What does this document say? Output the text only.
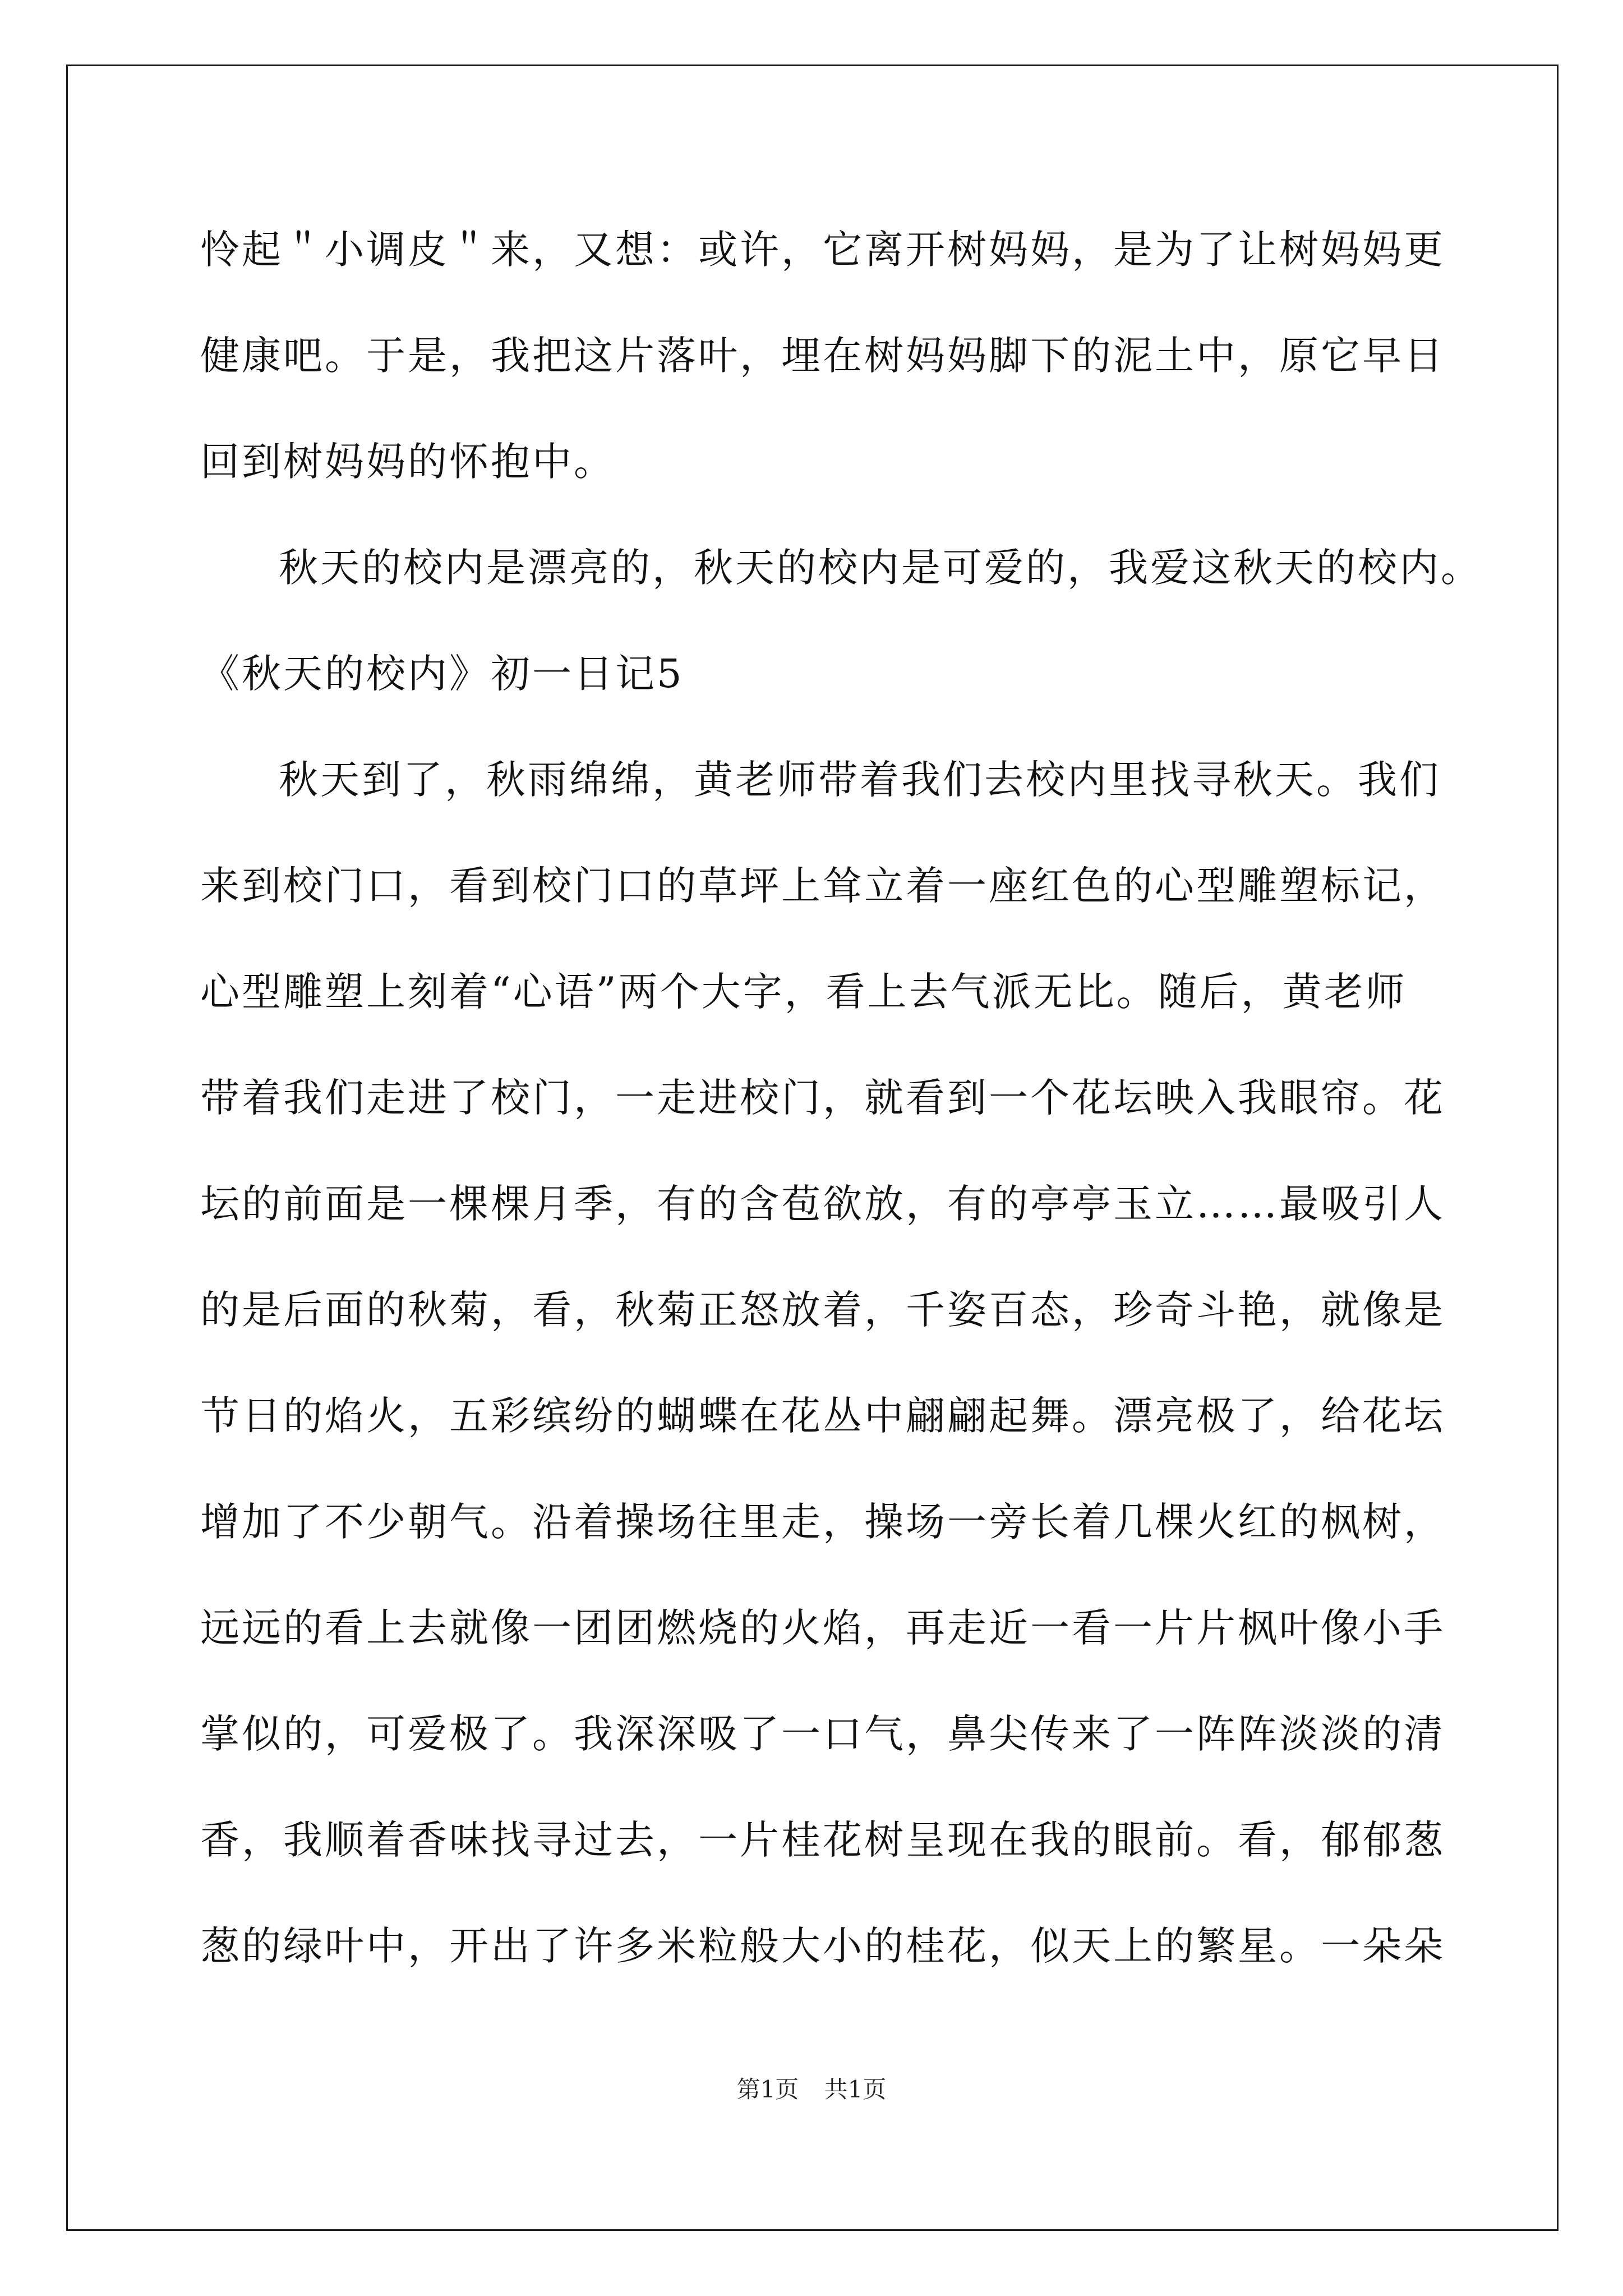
怜起＂小调皮＂来，又想：或许，它离开树妈妈，是为了让树妈妈更
健康吧。于是，我把这片落叶，埋在树妈妈脚下的泥土中，原它早日
回到树妈妈的怀抱中。
秋天的校内是漂亮的，秋天的校内是可爱的，我爱这秋天的校内。
《秋天的校内》初一日记5
秋天到了，秋雨绵绵，黄老师带着我们去校内里找寻秋天。我们
来到校门口，看到校门口的草坪上耸立着一座红色的心型雕塑标记，
心型雕塑上刻着“心语”两个大字，看上去气派无比。随后，黄老师
带着我们走进了校门，一走进校门，就看到一个花坛映入我眼帘。花
坛的前面是一棵棵月季，有的含苞欲放，有的亭亭玉立……最吸引人
的是后面的秋菊，看，秋菊正怒放着，千姿百态，珍奇斗艳，就像是
节日的焰火，五彩缤纷的蝴蝶在花丛中翩翩起舞。漂亮极了，给花坛
增加了不少朝气。沿着操场往里走，操场一旁长着几棵火红的枫树，
远远的看上去就像一团团燃烧的火焰，再走近一看一片片枫叶像小手
掌似的，可爱极了。我深深吸了一口气，鼻尖传来了一阵阵淡淡的清
香，我顺着香味找寻过去，一片桂花树呈现在我的眼前。看，郁郁葱
葱的绿叶中，开出了许多米粒般大小的桂花，似天上的繁星。一朵朵
第1页 共1页
